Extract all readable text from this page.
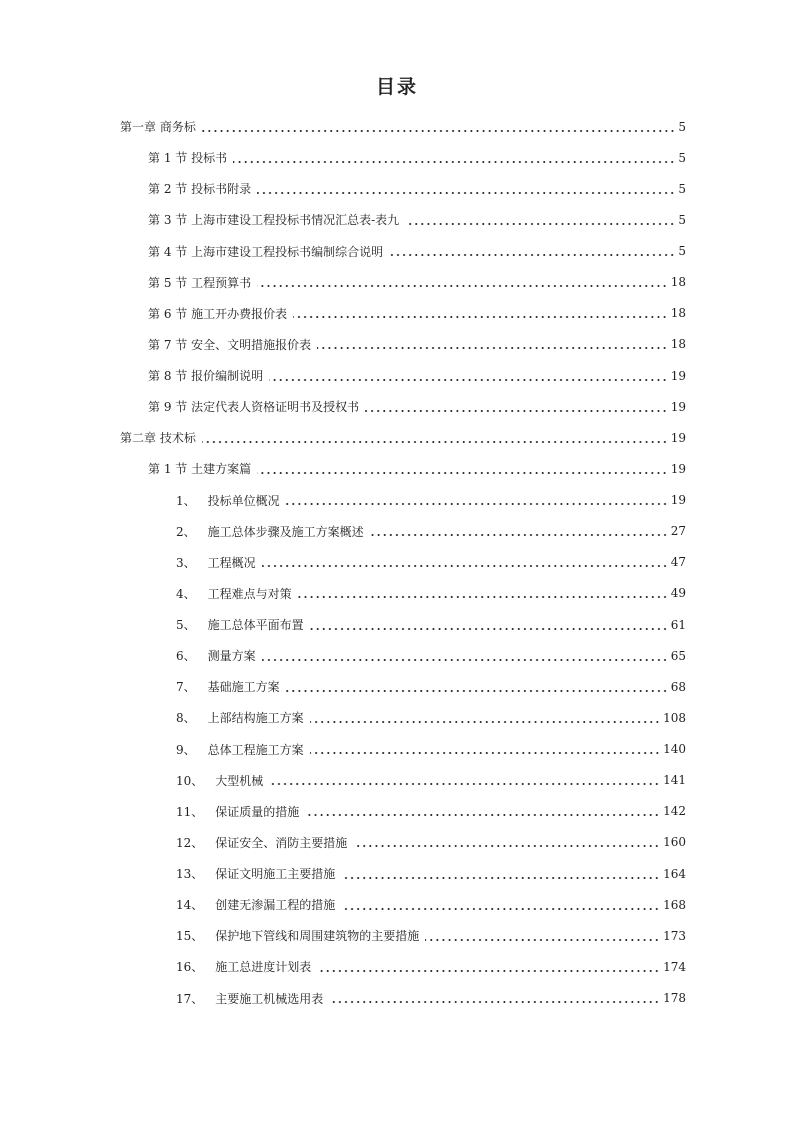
目录
第一章 商务标	5
第 1 节 投标书	5
第 2 节 投标书附录	5
第 3 节 上海市建设工程投标书情况汇总表-表九	5
第 4 节 上海市建设工程投标书编制综合说明	5
第 5 节 工程预算书	18
第 6 节 施工开办费报价表	18
第 7 节 安全、文明措施报价表	18
第 8 节 报价编制说明	19
第 9 节 法定代表人资格证明书及授权书	19
第二章 技术标	19
第 1 节 土建方案篇	19
1、 投标单位概况	19
2、 施工总体步骤及施工方案概述	27
3、 工程概况	47
4、 工程难点与对策	49
5、 施工总体平面布置	61
6、 测量方案	65
7、 基础施工方案	68
8、 上部结构施工方案	108
9、 总体工程施工方案	140
10、 大型机械	141
11、 保证质量的措施	142
12、 保证安全、消防主要措施	160
13、 保证文明施工主要措施	164
14、 创建无渗漏工程的措施	168
15、 保护地下管线和周围建筑物的主要措施	173
16、 施工总进度计划表	174
17、 主要施工机械选用表	178
